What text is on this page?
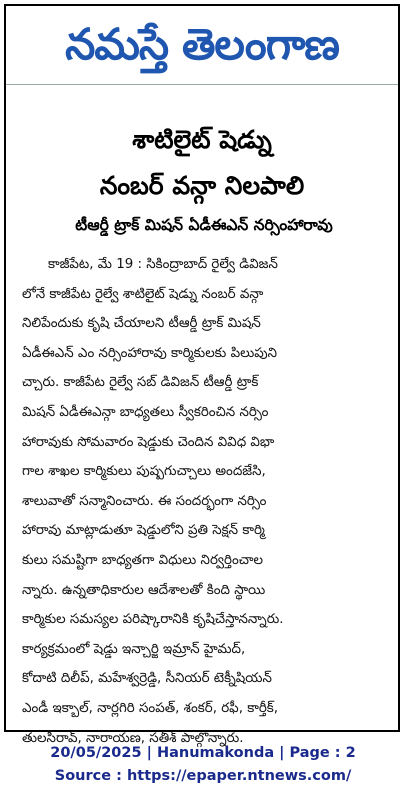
నమస్తే తెలంగాణ
శాటిలైట్ షెడ్ను
నంబర్ వన్గా నిలపాలి
టీఆర్డీ ట్రాక్ మిషన్ ఏడీఈఎన్ నర్సింహారావు
కాజీపేట, మే 19 : సికింద్రాబాద్ రైల్వే డివిజన్
లోనే కాజీపేట రైల్వే శాటిలైట్ షెడ్ను నంబర్ వన్గా
నిలిపేందుకు కృషి చేయాలని టీఆర్డీ ట్రాక్ మిషన్
ఏడీఈఎన్ ఎం నర్సింహారావు కార్మికులకు పిలుపుని
చ్చారు. కాజీపేట రైల్వే సబ్ డివిజన్ టీఆర్డీ ట్రాక్
మిషన్ ఏడీఈఎన్గా బాధ్యతలు స్వీకరించిన నర్సిం
హారావుకు సోమవారం షెడ్డుకు చెందిన వివిధ విభా
గాల శాఖల కార్మికులు పుష్పగుచ్చాలు అందజేసి,
శాలువాతో సన్మానించారు. ఈ సందర్భంగా నర్సిం
హారావు మాట్లాడుతూ షెడ్డులోని ప్రతి సెక్షన్ కార్మి
కులు సమష్టిగా బాధ్యతగా విధులు నిర్వర్తించాల
న్నారు. ఉన్నతాధికారుల ఆదేశాలతో కింది స్థాయి
కార్మికుల సమస్యల పరిష్కారానికి కృషిచేస్తానన్నారు.
కార్యక్రమంలో షెడ్డు ఇన్చార్జి ఇమ్రాన్ హైమద్,
కోదాటి దిలీప్, మహేశ్వర్రెడ్డి, సీనియర్ టెక్నీషియన్
ఎండీ ఇక్బాల్, నార్లగిరి సంపత్, శంకర్, రఫీ, కార్తీక్,
తులసీరావ్, నారాయణ, సతీశ్ పాల్గొన్నారు.
20/05/2025 | Hanumakonda | Page : 2
Source : https://epaper.ntnews.com/
